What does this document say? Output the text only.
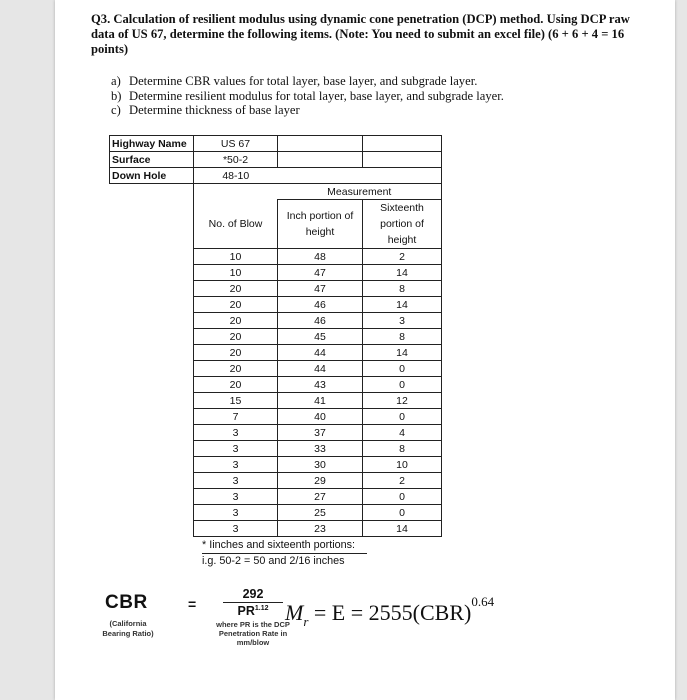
Q3. Calculation of resilient modulus using dynamic cone penetration (DCP) method. Using DCP raw data of US 67, determine the following items. (Note: You need to submit an excel file) (6 + 6 + 4 = 16 points)

a) Determine CBR values for total layer, base layer, and subgrade layer.
b) Determine resilient modulus for total layer, base layer, and subgrade layer.
c) Determine thickness of base layer
Highway Name	US 67		
Surface	*50-2		
Down Hole	48-10		
		Measurement	
	No. of Blow	Inch portion of height	Sixteenth portion of height
	10	48	2
	10	47	14
	20	47	8
	20	46	14
	20	46	3
	20	45	8
	20	44	14
	20	44	0
	20	43	0
	15	41	12
	7	40	0
	3	37	4
	3	33	8
	3	30	10
	3	29	2
	3	27	0
	3	25	0
	3	23	14
* Iinches and sixteenth portions:
i.g. 50-2 = 50 and 2/16 inches
CBR
(California Bearing Ratio)
= $\frac{292}{PR^{1.12}}$
where PR is the DCP Penetration Rate in mm/blow
$M_r = E = 2555(CBR)^{0.64}$
